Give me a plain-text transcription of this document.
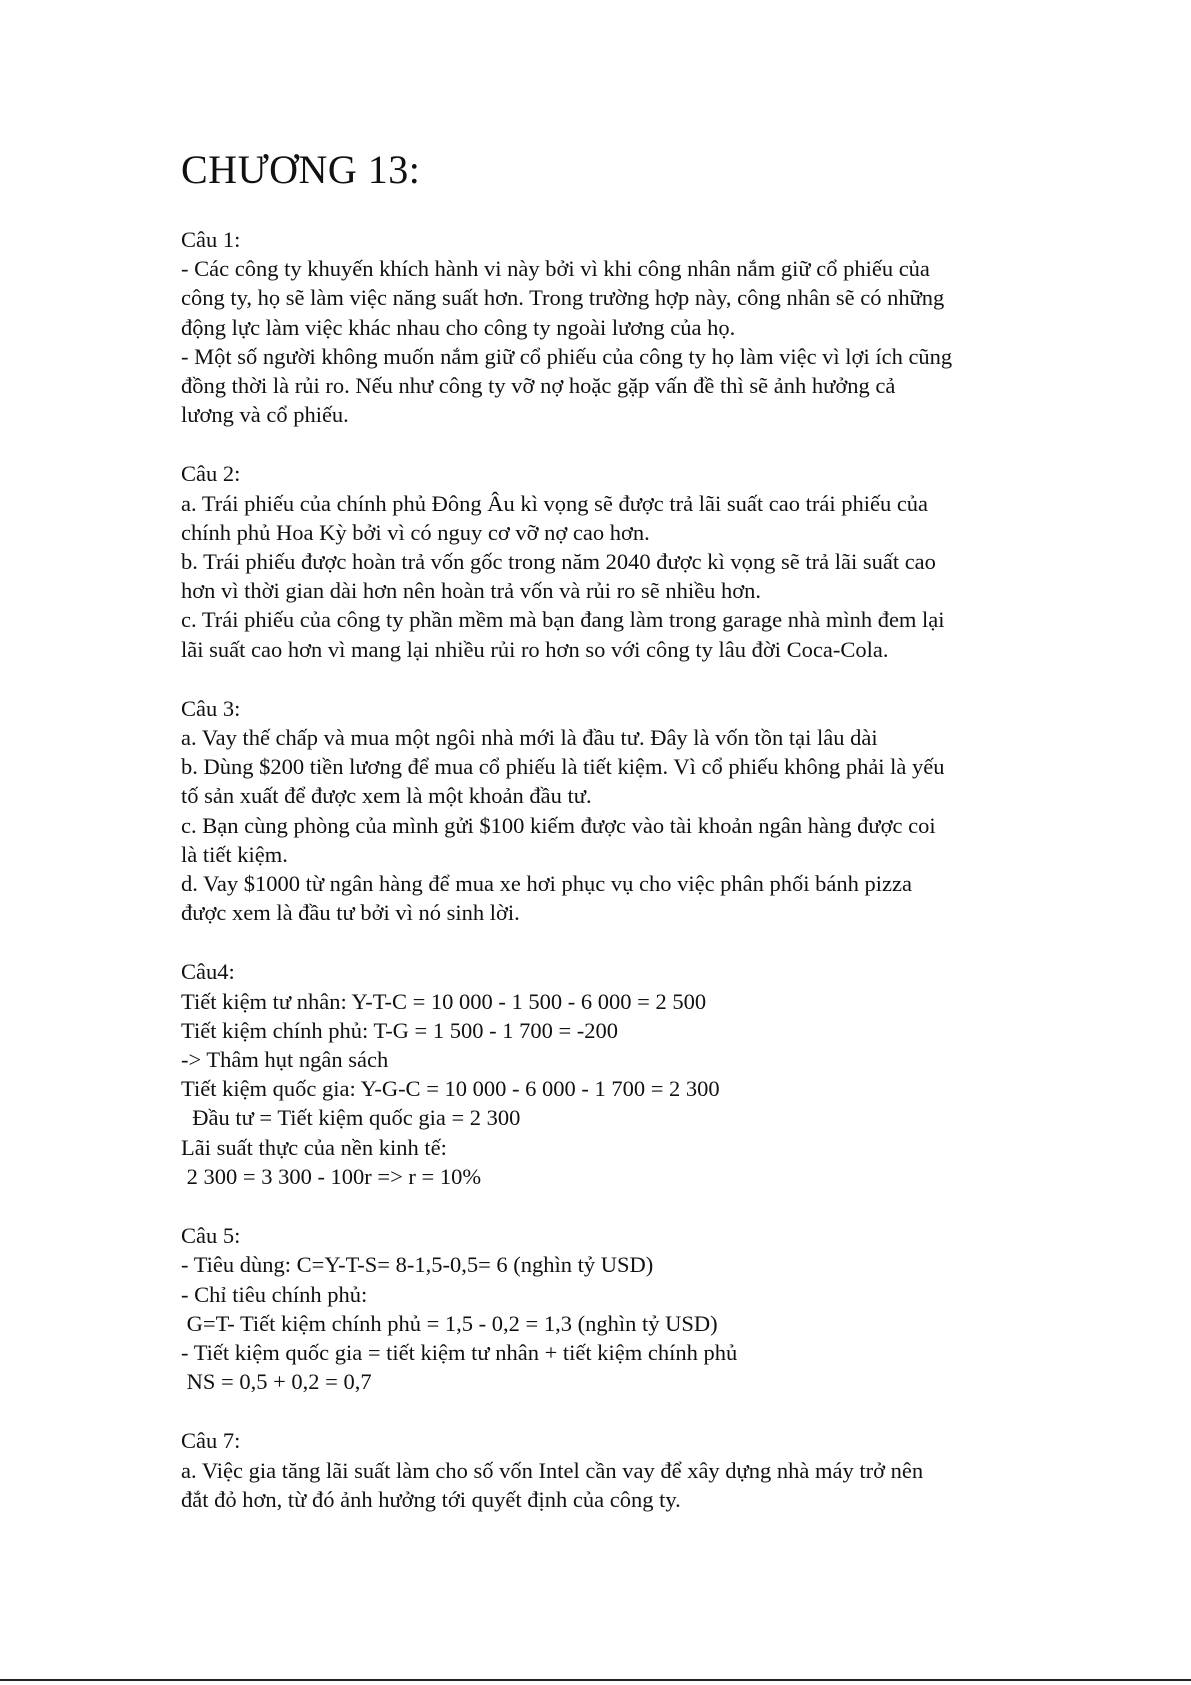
CHƯƠNG 13:
Câu 1:
- Các công ty khuyến khích hành vi này bởi vì khi công nhân nắm giữ cổ phiếu của
công ty, họ sẽ làm việc năng suất hơn. Trong trường hợp này, công nhân sẽ có những
động lực làm việc khác nhau cho công ty ngoài lương của họ.
- Một số người không muốn nắm giữ cổ phiếu của công ty họ làm việc vì lợi ích cũng
đồng thời là rủi ro. Nếu như công ty vỡ nợ hoặc gặp vấn đề thì sẽ ảnh hưởng cả
lương và cổ phiếu.
Câu 2:
a. Trái phiếu của chính phủ Đông Âu kì vọng sẽ được trả lãi suất cao trái phiếu của
chính phủ Hoa Kỳ bởi vì có nguy cơ vỡ nợ cao hơn.
b. Trái phiếu được hoàn trả vốn gốc trong năm 2040 được kì vọng sẽ trả lãi suất cao
hơn vì thời gian dài hơn nên hoàn trả vốn và rủi ro sẽ nhiều hơn.
c. Trái phiếu của công ty phần mềm mà bạn đang làm trong garage nhà mình đem lại
lãi suất cao hơn vì mang lại nhiều rủi ro hơn so với công ty lâu đời Coca-Cola.
Câu 3:
a. Vay thế chấp và mua một ngôi nhà mới là đầu tư. Đây là vốn tồn tại lâu dài
b. Dùng $200 tiền lương để mua cổ phiếu là tiết kiệm. Vì cổ phiếu không phải là yếu
tố sản xuất để được xem là một khoản đầu tư.
c. Bạn cùng phòng của mình gửi $100 kiếm được vào tài khoản ngân hàng được coi
là tiết kiệm.
d. Vay $1000 từ ngân hàng để mua xe hơi phục vụ cho việc phân phối bánh pizza
được xem là đầu tư bởi vì nó sinh lời.
Câu4:
Tiết kiệm tư nhân: Y-T-C = 10 000 - 1 500 - 6 000 = 2 500
Tiết kiệm chính phủ: T-G = 1 500 - 1 700 = -200
-> Thâm hụt ngân sách
Tiết kiệm quốc gia: Y-G-C = 10 000 - 6 000 - 1 700 = 2 300
Đầu tư = Tiết kiệm quốc gia = 2 300
Lãi suất thực của nền kinh tế:
2 300 = 3 300 - 100r => r = 10%
Câu 5:
- Tiêu dùng: C=Y-T-S= 8-1,5-0,5= 6 (nghìn tỷ USD)
- Chỉ tiêu chính phủ:
G=T- Tiết kiệm chính phủ = 1,5 - 0,2 = 1,3 (nghìn tỷ USD)
- Tiết kiệm quốc gia = tiết kiệm tư nhân + tiết kiệm chính phủ
NS = 0,5 + 0,2 = 0,7
Câu 7:
a. Việc gia tăng lãi suất làm cho số vốn Intel cần vay để xây dựng nhà máy trở nên
đắt đỏ hơn, từ đó ảnh hưởng tới quyết định của công ty.
